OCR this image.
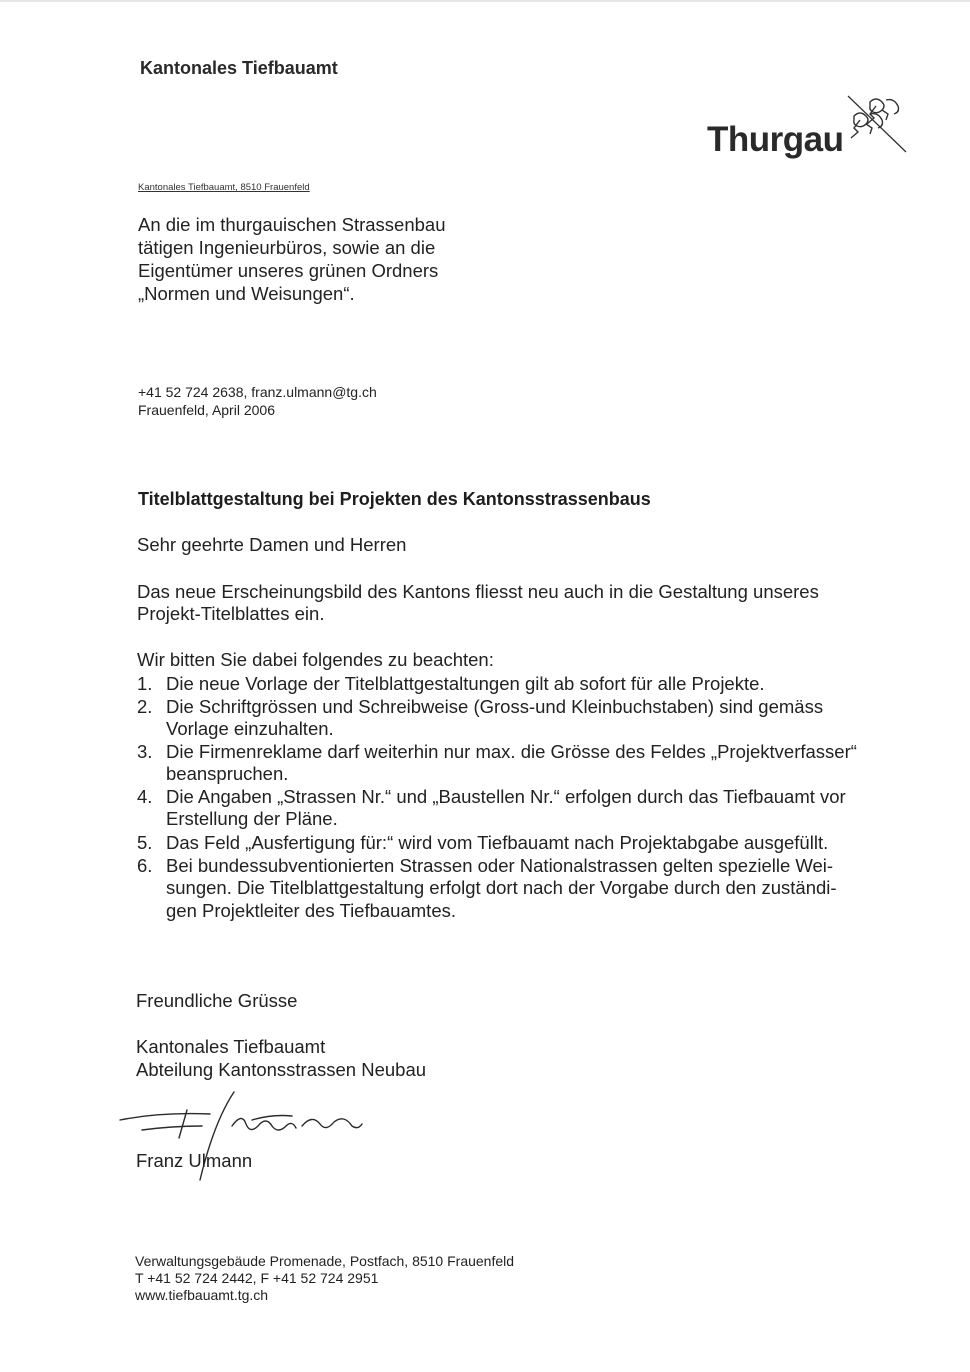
Kantonales Tiefbauamt
Thurgau
Kantonales Tiefbauamt, 8510 Frauenfeld
An die im thurgauischen Strassenbau
tätigen Ingenieurbüros, sowie an die
Eigentümer unseres grünen Ordners
„Normen und Weisungen“.
+41 52 724 2638, franz.ulmann@tg.ch
Frauenfeld, April 2006
Titelblattgestaltung bei Projekten des Kantonsstrassenbaus
Sehr geehrte Damen und Herren
Das neue Erscheinungsbild des Kantons fliesst neu auch in die Gestaltung unseres
Projekt-Titelblattes ein.
Wir bitten Sie dabei folgendes zu beachten:
1. Die neue Vorlage der Titelblattgestaltungen gilt ab sofort für alle Projekte.
2. Die Schriftgrössen und Schreibweise (Gross-und Kleinbuchstaben) sind gemäss
Vorlage einzuhalten.
3. Die Firmenreklame darf weiterhin nur max. die Grösse des Feldes „Projektverfasser“
beanspruchen.
4. Die Angaben „Strassen Nr.“ und „Baustellen Nr.“ erfolgen durch das Tiefbauamt vor
Erstellung der Pläne.
5. Das Feld „Ausfertigung für:“ wird vom Tiefbauamt nach Projektabgabe ausgefüllt.
6. Bei bundessubventionierten Strassen oder Nationalstrassen gelten spezielle Wei-
sungen. Die Titelblattgestaltung erfolgt dort nach der Vorgabe durch den zuständi-
gen Projektleiter des Tiefbauamtes.
Freundliche Grüsse
Kantonales Tiefbauamt
Abteilung Kantonsstrassen Neubau
Franz Ulmann
Verwaltungsgebäude Promenade, Postfach, 8510 Frauenfeld
T +41 52 724 2442, F +41 52 724 2951
www.tiefbauamt.tg.ch
